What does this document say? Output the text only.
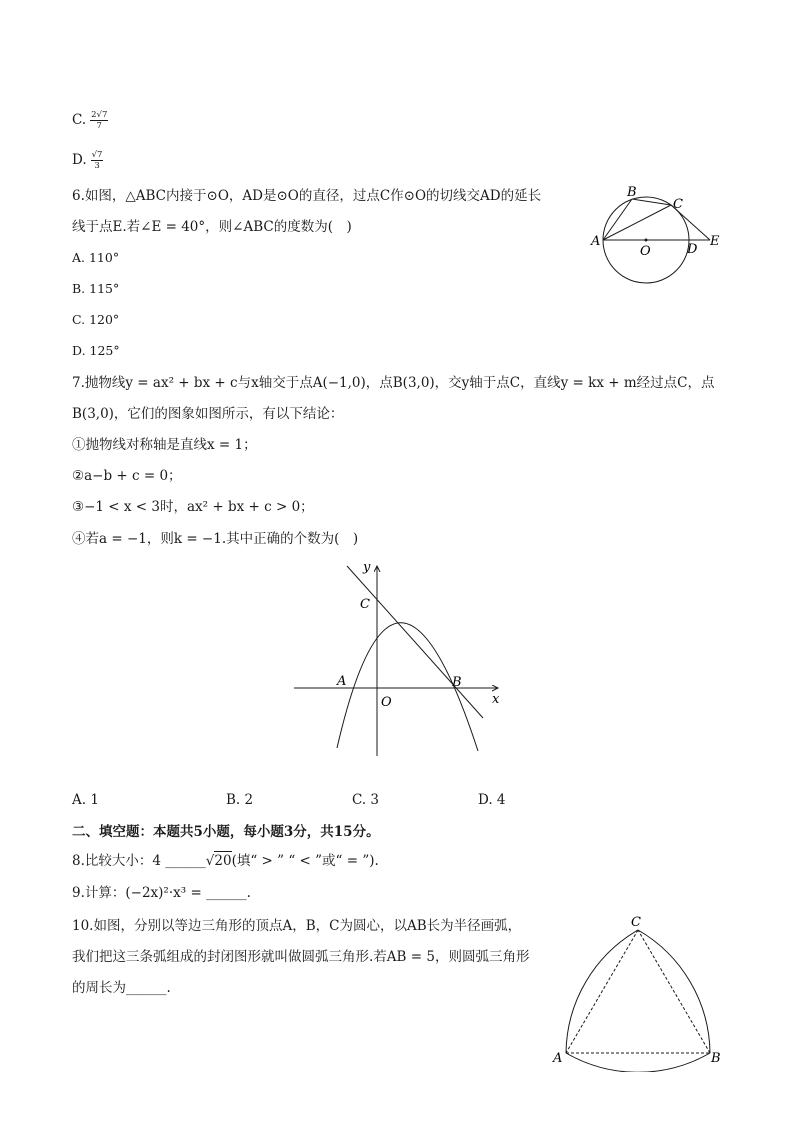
C. $\frac{2√7}{7}$
D. $\frac{√7}{3}$
6.如图，△ABC内接于⊙O，AD是⊙O的直径，过点C作⊙O的切线交AD的延长
线于点E.若∠E = 40°，则∠ABC的度数为(　)
A. 110°
B. 115°
C. 120°
D. 125°
A
B
C
O	D
E
7.抛物线y = ax² + bx + c与x轴交于点A(−1,0)，点B(3,0)，交y轴于点C，直线y = kx + m经过点C，点
B(3,0)，它们的图象如图所示，有以下结论：
①抛物线对称轴是直线x = 1；
②a−b + c = 0；
③−1 < x < 3时，ax² + bx + c > 0；
④若a = −1，则k = −1.其中正确的个数为(　)
y
x
C
A	B
O
A. 1	B. 2	C. 3	D. 4
二、填空题：本题共5小题，每小题3分，共15分。
8.比较大小：4 ______√20(填“ > ” “ < ”或“ = ”).
9.计算：(−2x)²·x³ = ______.
10.如图，分别以等边三角形的顶点A，B，C为圆心，以AB长为半径画弧，
我们把这三条弧组成的封闭图形就叫做圆弧三角形.若AB = 5，则圆弧三角形
的周长为______.
C
A	B
